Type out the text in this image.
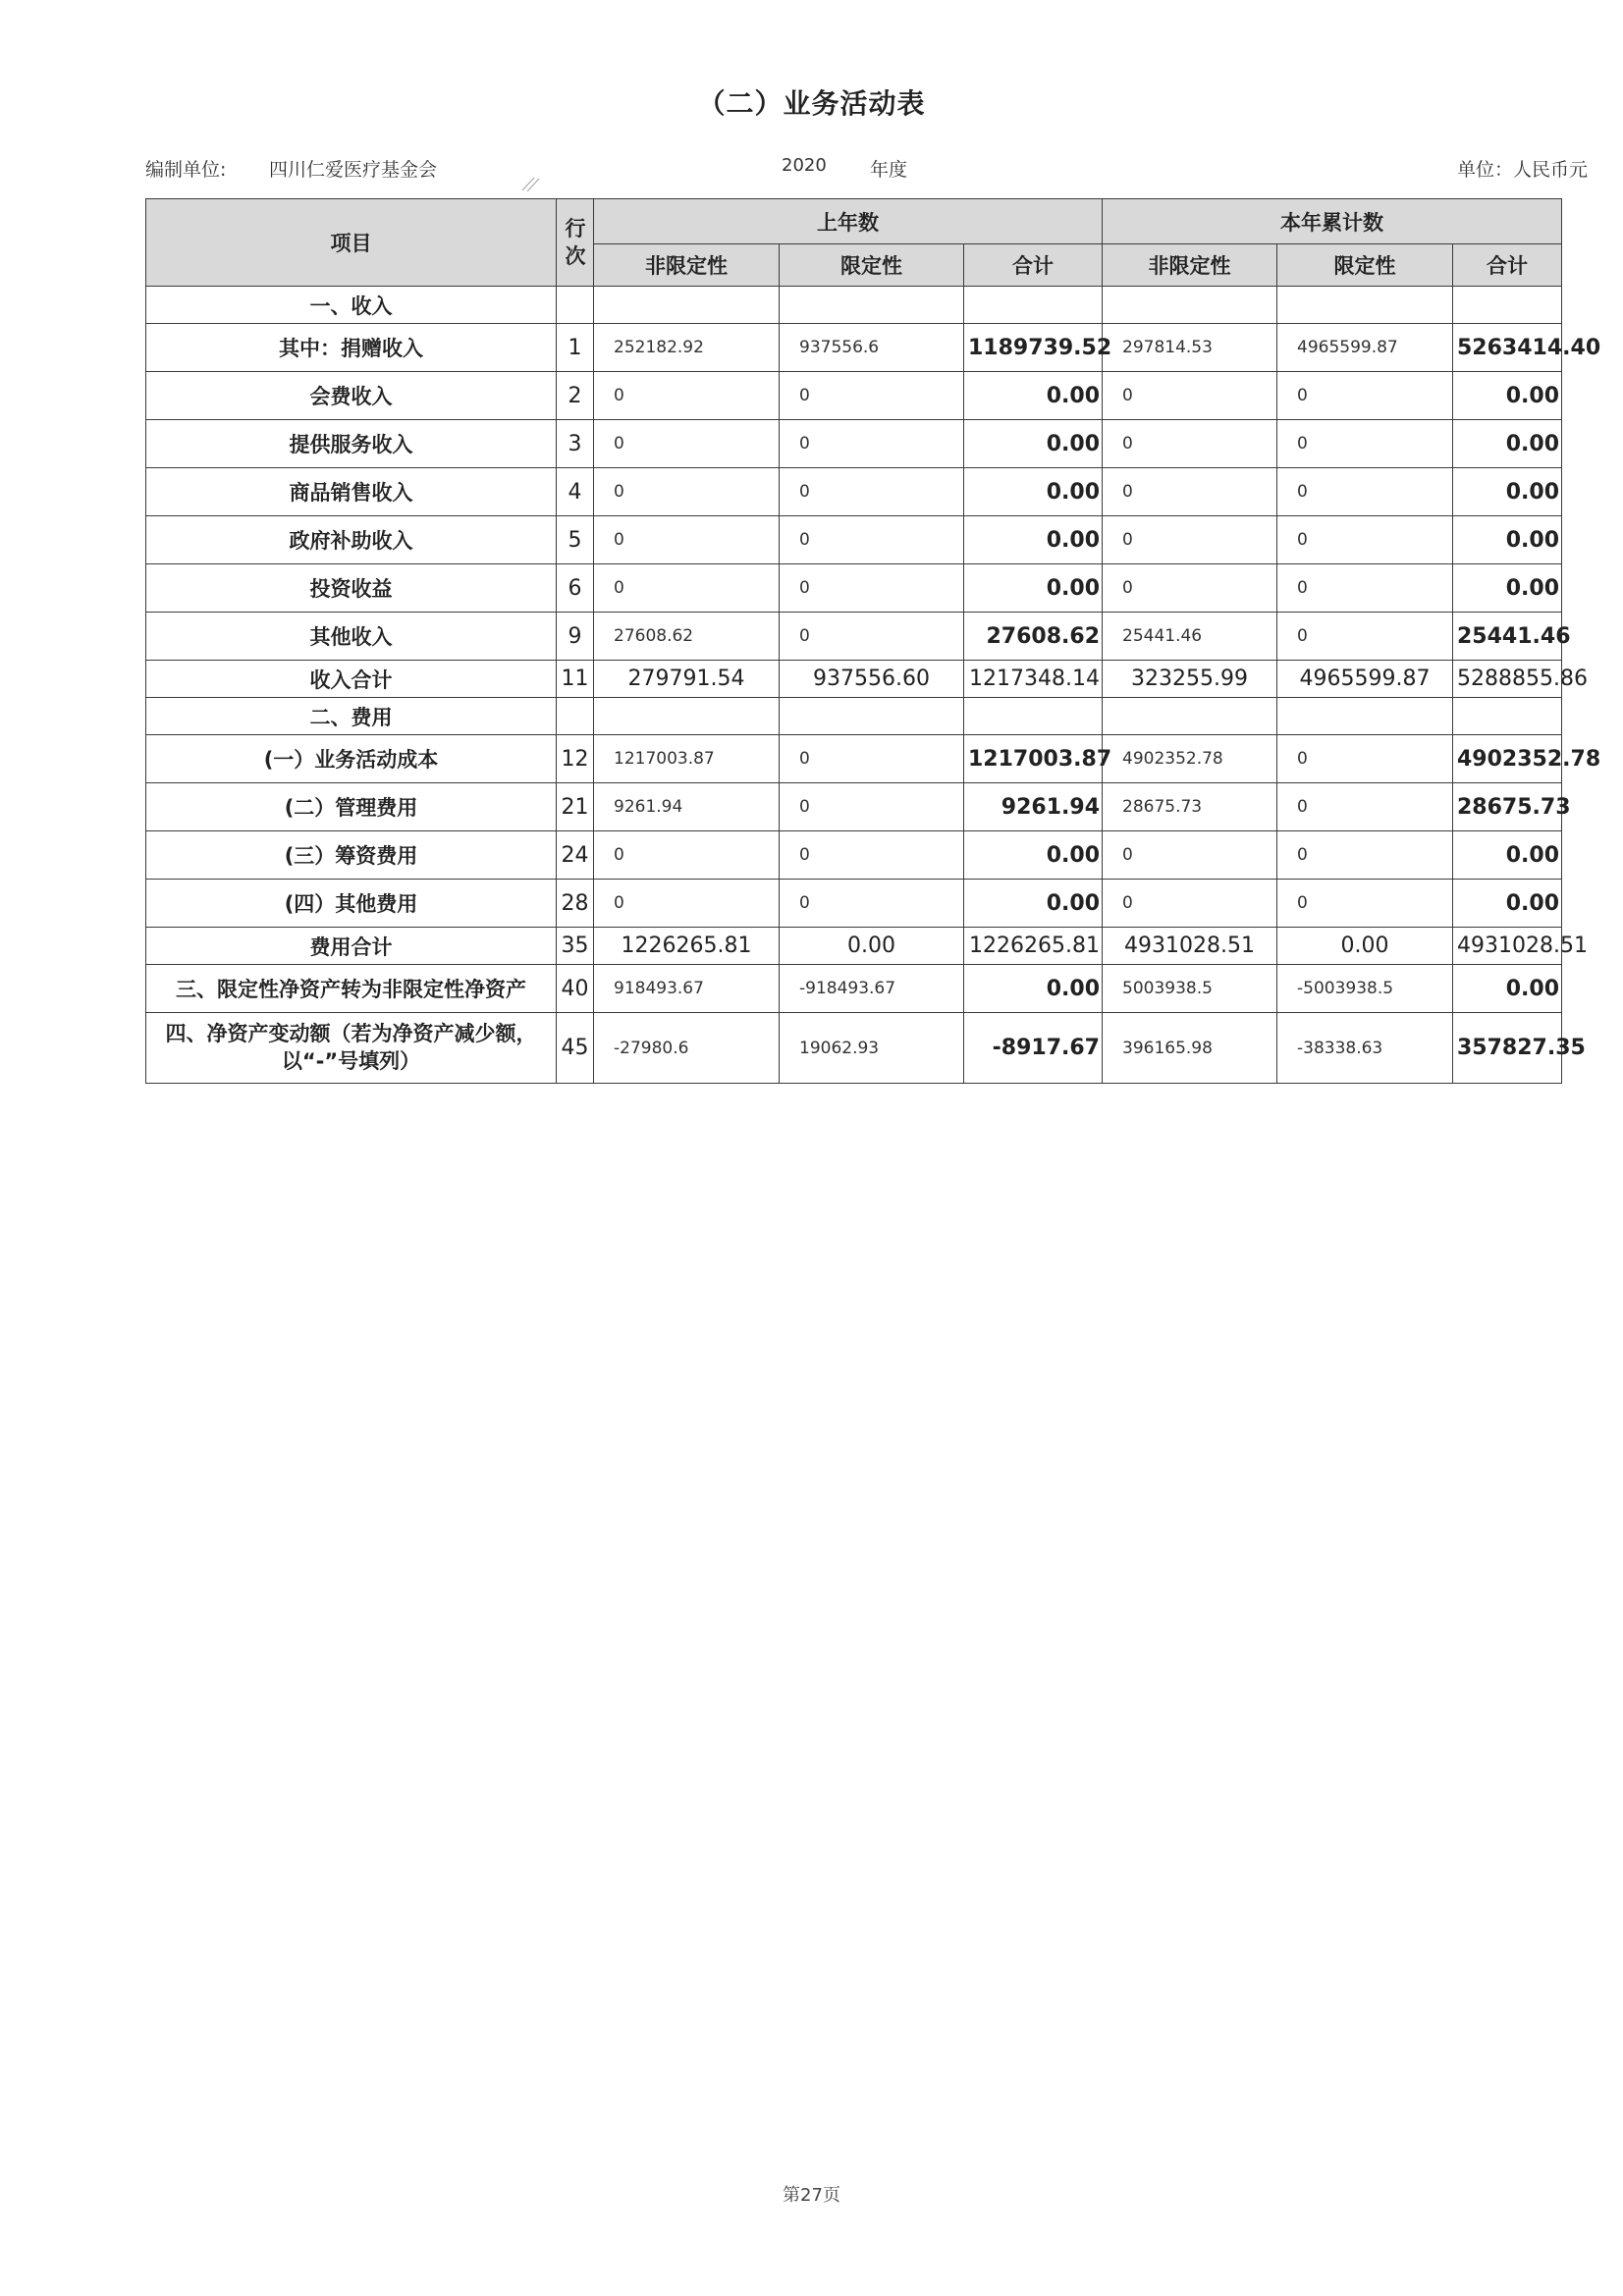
（二）业务活动表
编制单位: 四川仁爱医疗基金会	2020 年度	单位：人民币元
项目	行次	上年数			本年累计数		
		非限定性	限定性	合计	非限定性	限定性	合计
一、收入							
其中：捐赠收入	1	252182.92	937556.6	1189739.52	297814.53	4965599.87	5263414.40
会费收入	2	0	0	0.00	0	0	0.00
提供服务收入	3	0	0	0.00	0	0	0.00
商品销售收入	4	0	0	0.00	0	0	0.00
政府补助收入	5	0	0	0.00	0	0	0.00
投资收益	6	0	0	0.00	0	0	0.00
其他收入	9	27608.62	0	27608.62	25441.46	0	25441.46
收入合计	11	279791.54	937556.60	1217348.14	323255.99	4965599.87	5288855.86
二、费用							
(一）业务活动成本	12	1217003.87	0	1217003.87	4902352.78	0	4902352.78
(二）管理费用	21	9261.94	0	9261.94	28675.73	0	28675.73
(三）筹资费用	24	0	0	0.00	0	0	0.00
(四）其他费用	28	0	0	0.00	0	0	0.00
费用合计	35	1226265.81	0.00	1226265.81	4931028.51	0.00	4931028.51
三、限定性净资产转为非限定性净资产	40	918493.67	-918493.67	0.00	5003938.5	-5003938.5	0.00
四、净资产变动额（若为净资产减少额，以“-”号填列）	45	-27980.6	19062.93	-8917.67	396165.98	-38338.63	357827.35
第27页
